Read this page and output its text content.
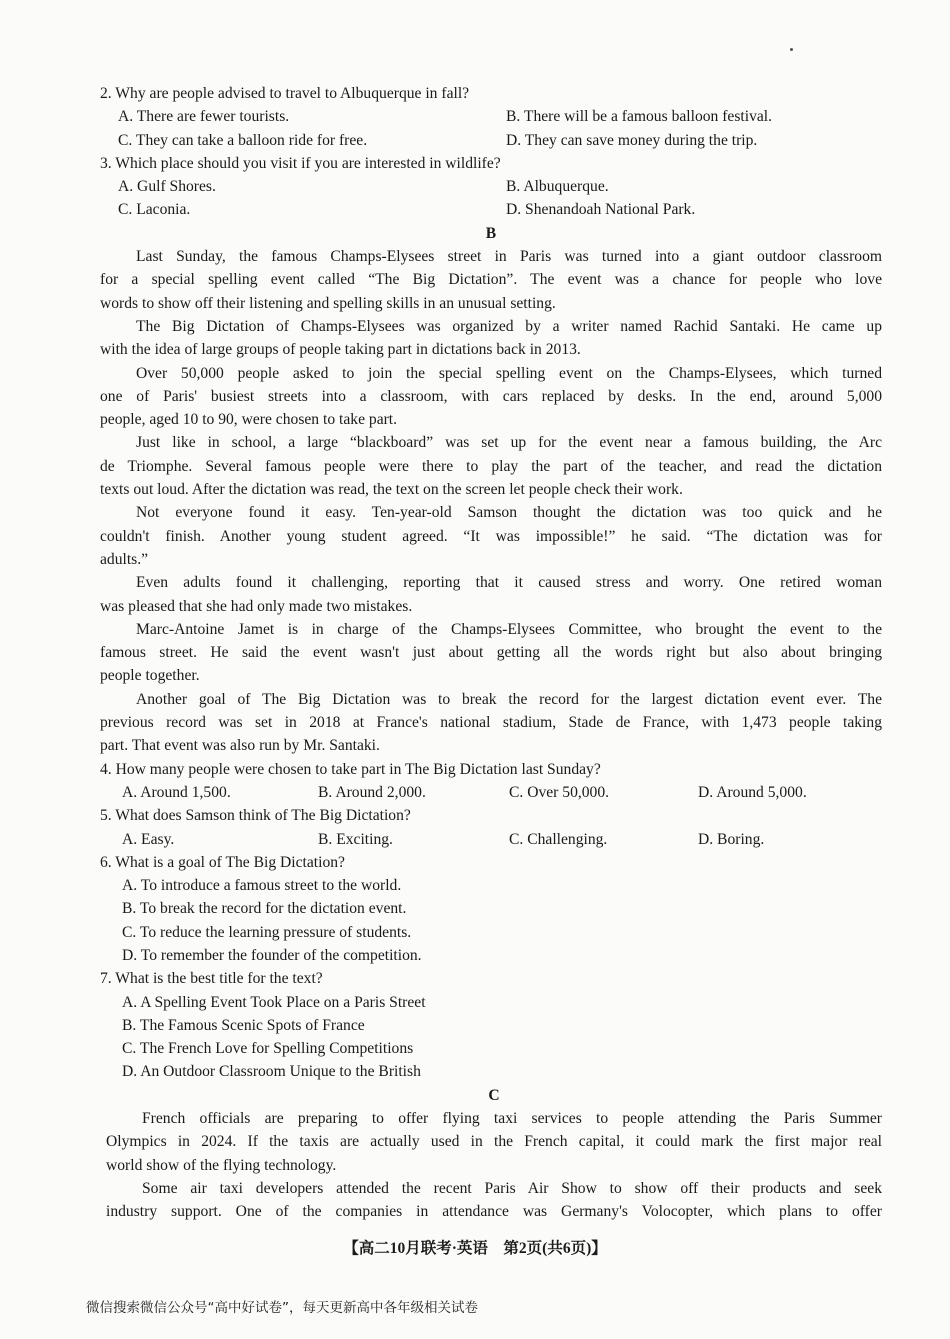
2. Why are people advised to travel to Albuquerque in fall?
A. There are fewer tourists.	B. There will be a famous balloon festival.
C. They can take a balloon ride for free.	D. They can save money during the trip.
3. Which place should you visit if you are interested in wildlife?
A. Gulf Shores.	B. Albuquerque.
C. Laconia.	D. Shenandoah National Park.
B
Last Sunday, the famous Champs-Elysees street in Paris was turned into a giant outdoor classroom
for a special spelling event called “The Big Dictation”. The event was a chance for people who love
words to show off their listening and spelling skills in an unusual setting.
The Big Dictation of Champs-Elysees was organized by a writer named Rachid Santaki. He came up
with the idea of large groups of people taking part in dictations back in 2013.
Over 50,000 people asked to join the special spelling event on the Champs-Elysees, which turned
one of Paris' busiest streets into a classroom, with cars replaced by desks. In the end, around 5,000
people, aged 10 to 90, were chosen to take part.
Just like in school, a large “blackboard” was set up for the event near a famous building, the Arc
de Triomphe. Several famous people were there to play the part of the teacher, and read the dictation
texts out loud. After the dictation was read, the text on the screen let people check their work.
Not everyone found it easy. Ten-year-old Samson thought the dictation was too quick and he
couldn't finish. Another young student agreed. “It was impossible!” he said. “The dictation was for
adults.”
Even adults found it challenging, reporting that it caused stress and worry. One retired woman
was pleased that she had only made two mistakes.
Marc-Antoine Jamet is in charge of the Champs-Elysees Committee, who brought the event to the
famous street. He said the event wasn't just about getting all the words right but also about bringing
people together.
Another goal of The Big Dictation was to break the record for the largest dictation event ever. The
previous record was set in 2018 at France's national stadium, Stade de France, with 1,473 people taking
part. That event was also run by Mr. Santaki.
4. How many people were chosen to take part in The Big Dictation last Sunday?
A. Around 1,500.	B. Around 2,000.	C. Over 50,000.	D. Around 5,000.
5. What does Samson think of The Big Dictation?
A. Easy.	B. Exciting.	C. Challenging.	D. Boring.
6. What is a goal of The Big Dictation?
A. To introduce a famous street to the world.
B. To break the record for the dictation event.
C. To reduce the learning pressure of students.
D. To remember the founder of the competition.
7. What is the best title for the text?
A. A Spelling Event Took Place on a Paris Street
B. The Famous Scenic Spots of France
C. The French Love for Spelling Competitions
D. An Outdoor Classroom Unique to the British
C
French officials are preparing to offer flying taxi services to people attending the Paris Summer
Olympics in 2024. If the taxis are actually used in the French capital, it could mark the first major real
world show of the flying technology.
Some air taxi developers attended the recent Paris Air Show to show off their products and seek
industry support. One of the companies in attendance was Germany's Volocopter, which plans to offer
【高二10月联考·英语　第2页(共6页)】
微信搜索微信公众号“高中好试卷”，每天更新高中各年级相关试卷
